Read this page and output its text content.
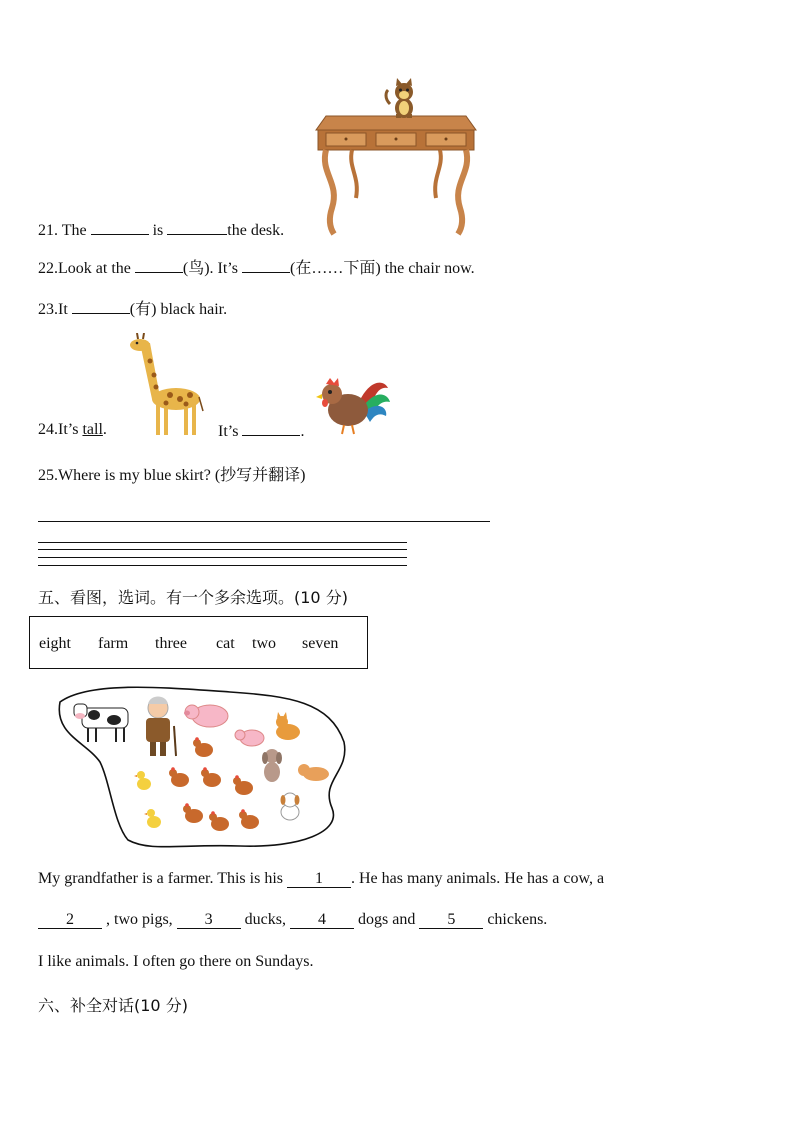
21. The	is	the desk.
22.Look at the	(鸟). It’s	(在……下面) the chair now.
23.It	(有) black hair.
24.It’s tall.	It’s	.
25.Where is my blue skirt? (抄写并翻译)
五、看图，选词。有一个多余选项。(10 分)
eight farm three cat two seven
My grandfather is a farmer. This is his 1 . He has many animals. He has a cow, a
2 , two pigs, 3 ducks, 4 dogs and 5 chickens.
I like animals. I often go there on Sundays.
六、补全对话(10 分)
